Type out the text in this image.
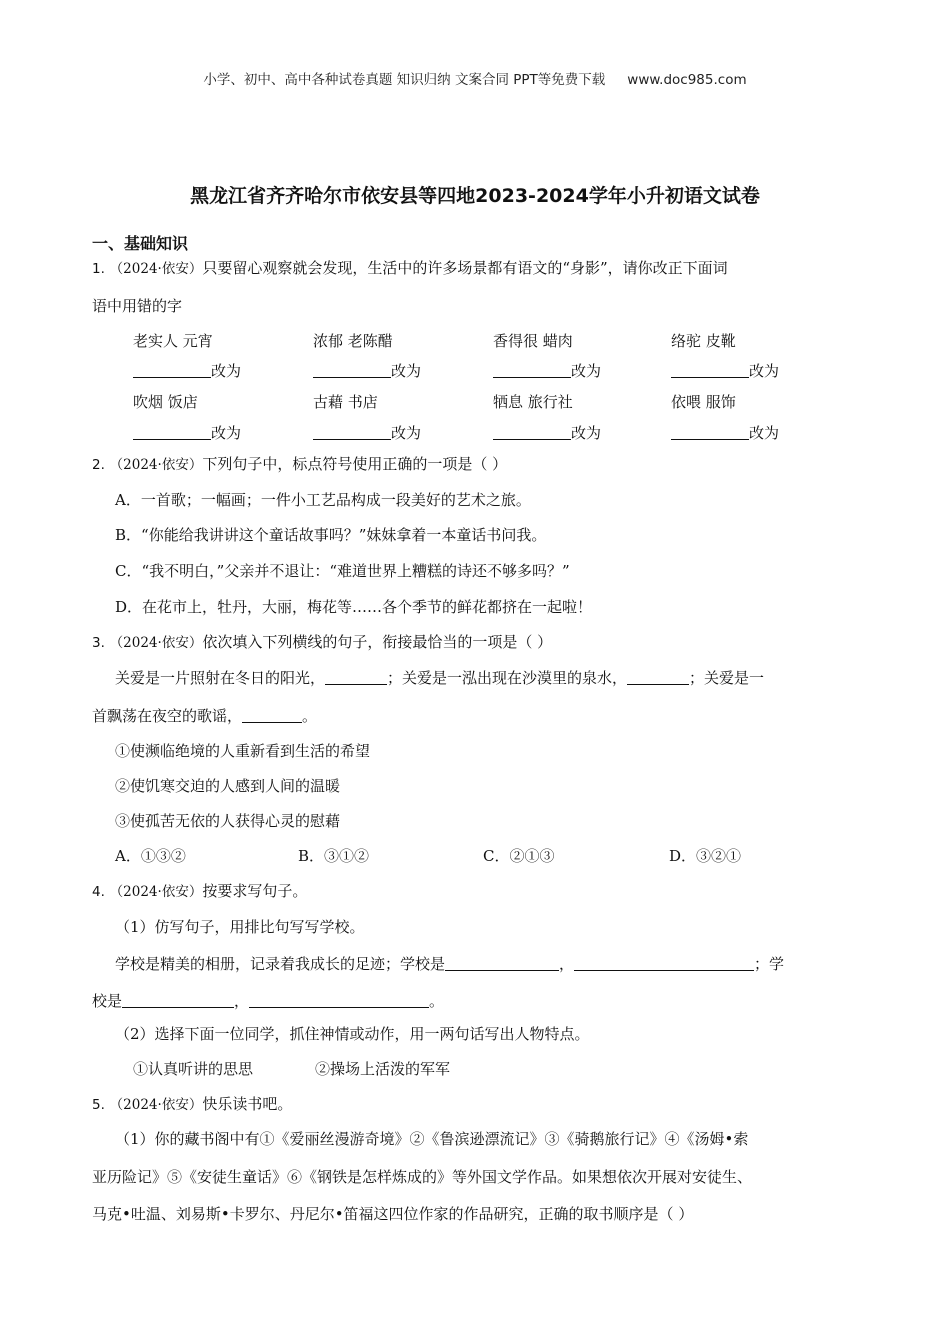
小学、初中、高中各种试卷真题 知识归纳 文案合同 PPT等免费下载 www.doc985.com
黑龙江省齐齐哈尔市依安县等四地2023-2024学年小升初语文试卷
一、基础知识
1. （2024·依安）只要留心观察就会发现，生活中的许多场景都有语文的“身影”，请你改正下面词
语中用错的字
老实人 元宵	浓郁 老陈醋	香得很 蜡肉	络驼 皮靴
改为	改为	改为	改为
吹烟 饭店	古藉 书店	牺息 旅行社	依喂 服饰
改为	改为	改为	改为
2. （2024·依安）下列句子中，标点符号使用正确的一项是（ ）
A．一首歌；一幅画；一件小工艺品构成一段美好的艺术之旅。
B．“你能给我讲讲这个童话故事吗？”妹妹拿着一本童话书问我。
C．“我不明白，”父亲并不退让：“难道世界上糟糕的诗还不够多吗？”
D．在花市上，牡丹，大丽，梅花等……各个季节的鲜花都挤在一起啦！
3. （2024·依安）依次填入下列横线的句子，衔接最恰当的一项是（ ）
关爱是一片照射在冬日的阳光，	；关爱是一泓出现在沙漠里的泉水，	；关爱是一
首飘荡在夜空的歌谣，	。
①使濒临绝境的人重新看到生活的希望
②使饥寒交迫的人感到人间的温暖
③使孤苦无依的人获得心灵的慰藉
A．①③②	B．③①②	C．②①③	D．③②①
4. （2024·依安）按要求写句子。
（1）仿写句子，用排比句写写学校。
学校是精美的相册，记录着我成长的足迹；学校是	，	；学
校是	，	。
（2）选择下面一位同学，抓住神情或动作，用一两句话写出人物特点。
①认真听讲的思思	②操场上活泼的军军
5. （2024·依安）快乐读书吧。
（1）你的藏书阁中有①《爱丽丝漫游奇境》②《鲁滨逊漂流记》③《骑鹅旅行记》④《汤姆•索
亚历险记》⑤《安徒生童话》⑥《钢铁是怎样炼成的》等外国文学作品。如果想依次开展对安徒生、
马克•吐温、刘易斯•卡罗尔、丹尼尔•笛福这四位作家的作品研究，正确的取书顺序是（ ）
